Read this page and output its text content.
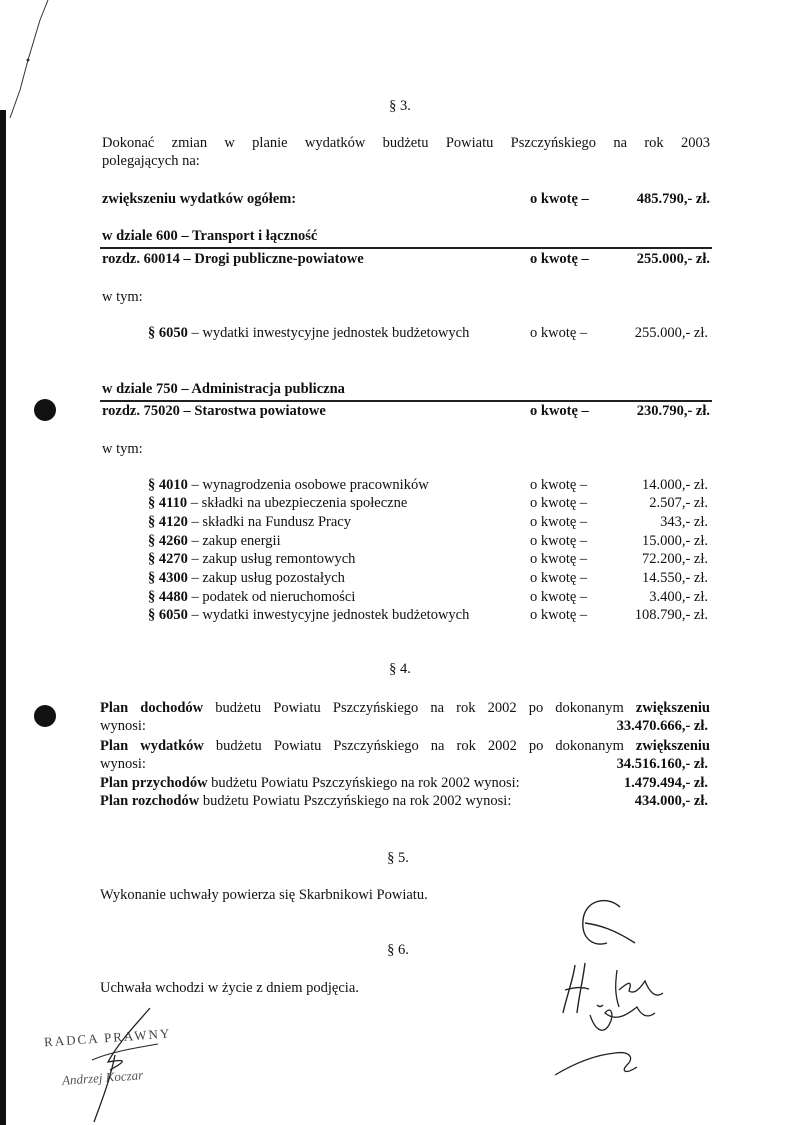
§ 3.
Dokonać zmian w planie wydatków budżetu Powiatu Pszczyńskiego na rok 2003
polegających na:
zwiększeniu wydatków ogółem:	o kwotę –	485.790,- zł.
w dziale 600 – Transport i łączność
rozdz. 60014 – Drogi publiczne-powiatowe	o kwotę –	255.000,- zł.
w tym:
§ 6050 – wydatki inwestycyjne jednostek budżetowych	o kwotę –	255.000,- zł.
w dziale 750 – Administracja publiczna
rozdz. 75020 – Starostwa powiatowe	o kwotę –	230.790,- zł.
w tym:
§ 4010 – wynagrodzenia osobowe pracowników	o kwotę –	14.000,- zł.
§ 4110 – składki na ubezpieczenia społeczne	o kwotę –	2.507,- zł.
§ 4120 – składki na Fundusz Pracy	o kwotę –	343,- zł.
§ 4260 – zakup energii	o kwotę –	15.000,- zł.
§ 4270 – zakup usług remontowych	o kwotę –	72.200,- zł.
§ 4300 – zakup usług pozostałych	o kwotę –	14.550,- zł.
§ 4480 – podatek od nieruchomości	o kwotę –	3.400,- zł.
§ 6050 – wydatki inwestycyjne jednostek budżetowych	o kwotę –	108.790,- zł.
§ 4.
Plan dochodów budżetu Powiatu Pszczyńskiego na rok 2002 po dokonanym zwiększeniu
wynosi:	33.470.666,- zł.
Plan wydatków budżetu Powiatu Pszczyńskiego na rok 2002 po dokonanym zwiększeniu
wynosi:	34.516.160,- zł.
Plan przychodów budżetu Powiatu Pszczyńskiego na rok 2002 wynosi:	1.479.494,- zł.
Plan rozchodów budżetu Powiatu Pszczyńskiego na rok 2002 wynosi:	434.000,- zł.
§ 5.
Wykonanie uchwały powierza się Skarbnikowi Powiatu.
§ 6.
Uchwała wchodzi w życie z dniem podjęcia.
RADCA PRAWNY
Andrzej Koczar
